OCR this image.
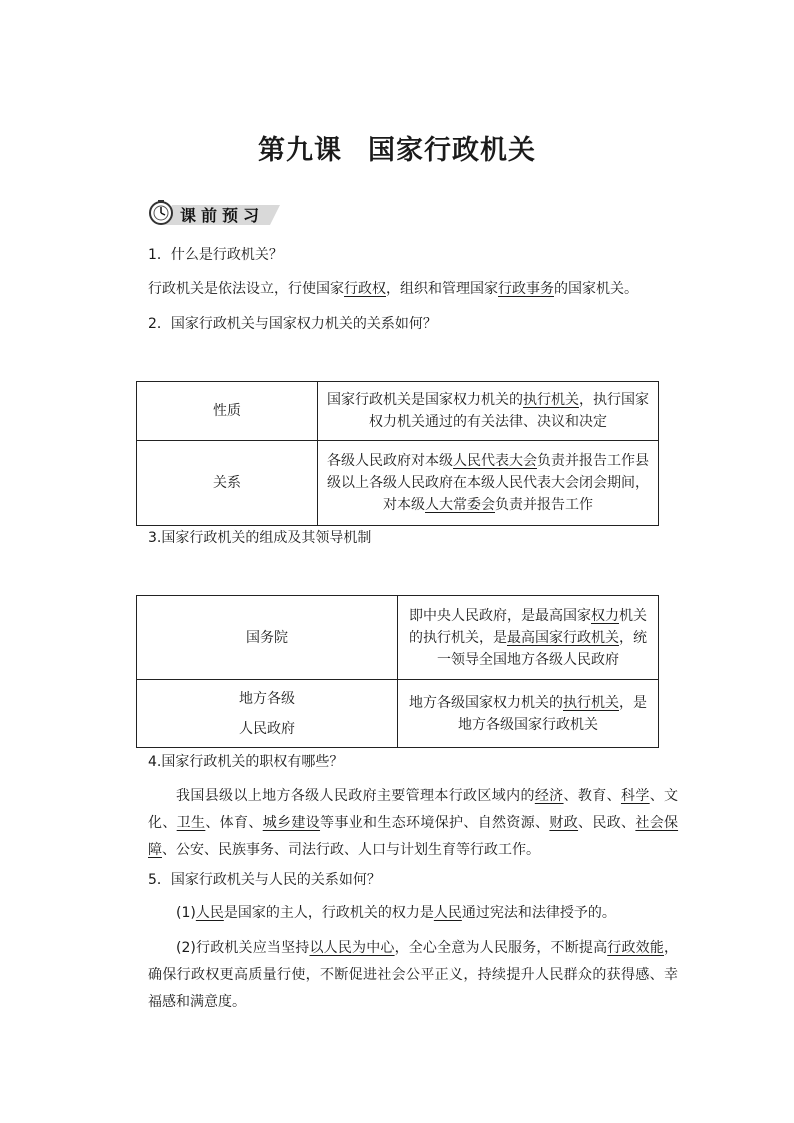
第九课 国家行政机关
课前预习
1．什么是行政机关？
行政机关是依法设立，行使国家行政权，组织和管理国家行政事务的国家机关。
2．国家行政机关与国家权力机关的关系如何？
性质	国家行政机关是国家权力机关的执行机关，执行国家权力机关通过的有关法律、决议和决定
关系	各级人民政府对本级人民代表大会负责并报告工作县级以上各级人民政府在本级人民代表大会闭会期间，对本级人大常委会负责并报告工作
3.国家行政机关的组成及其领导机制
国务院	即中央人民政府，是最高国家权力机关的执行机关，是最高国家行政机关，统一领导全国地方各级人民政府
地方各级
人民政府	地方各级国家权力机关的执行机关，是地方各级国家行政机关
4.国家行政机关的职权有哪些？
我国县级以上地方各级人民政府主要管理本行政区域内的经济、教育、科学、文化、卫生、体育、城乡建设等事业和生态环境保护、自然资源、财政、民政、社会保障、公安、民族事务、司法行政、人口与计划生育等行政工作。
5．国家行政机关与人民的关系如何？
(1)人民是国家的主人，行政机关的权力是人民通过宪法和法律授予的。
(2)行政机关应当坚持以人民为中心，全心全意为人民服务，不断提高行政效能，确保行政权更高质量行使，不断促进社会公平正义，持续提升人民群众的获得感、幸福感和满意度。
